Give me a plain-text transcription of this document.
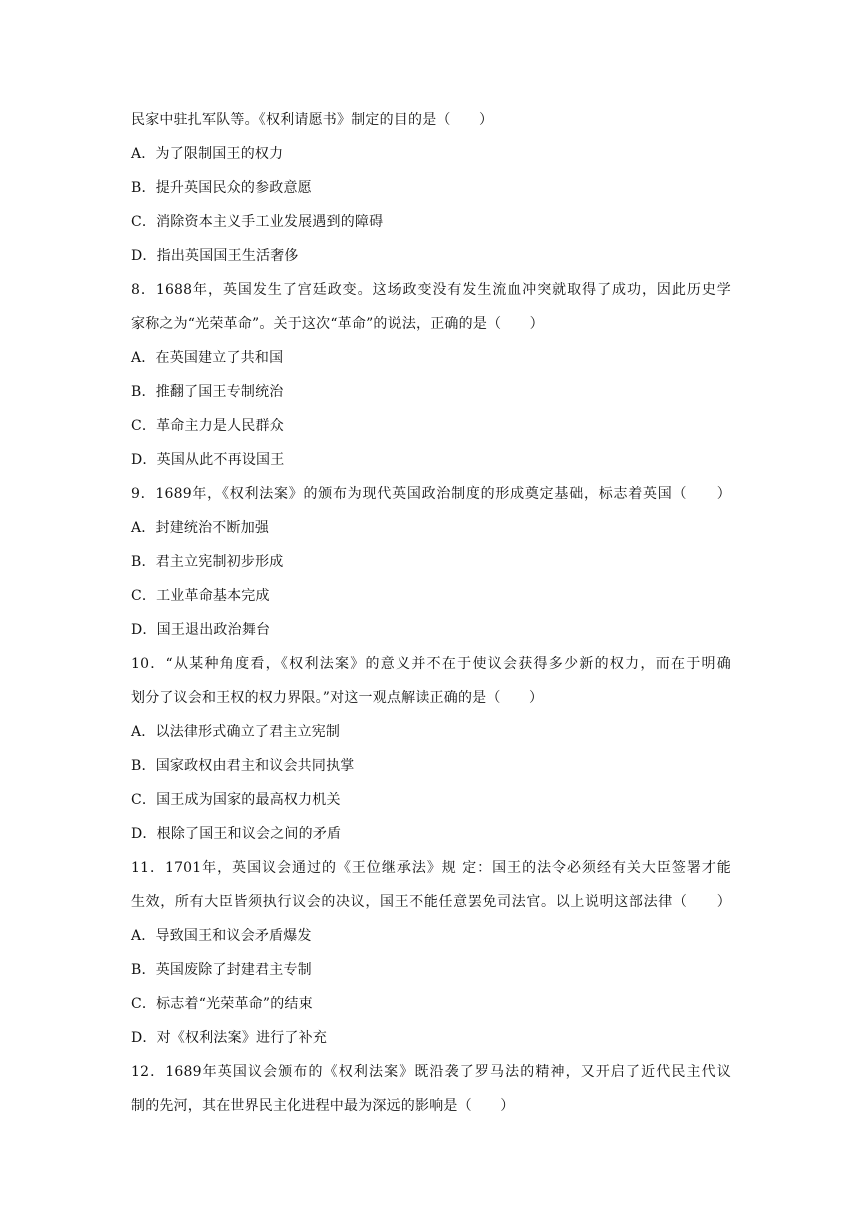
民家中驻扎军队等。《权利请愿书》制定的目的是（　　）
A．为了限制国王的权力
B．提升英国民众的参政意愿
C．消除资本主义手工业发展遇到的障碍
D．指出英国国王生活奢侈
8．1688年，英国发生了宫廷政变。这场政变没有发生流血冲突就取得了成功，因此历史学
家称之为“光荣革命”。关于这次“革命”的说法，正确的是（　　）
A．在英国建立了共和国
B．推翻了国王专制统治
C．革命主力是人民群众
D．英国从此不再设国王
9．1689年，《权利法案》的颁布为现代英国政治制度的形成奠定基础，标志着英国（　　）
A．封建统治不断加强
B．君主立宪制初步形成
C．工业革命基本完成
D．国王退出政治舞台
10．“从某种角度看，《权利法案》的意义并不在于使议会获得多少新的权力，而在于明确
划分了议会和王权的权力界限。”对这一观点解读正确的是（　　）
A．以法律形式确立了君主立宪制
B．国家政权由君主和议会共同执掌
C．国王成为国家的最高权力机关
D．根除了国王和议会之间的矛盾
11．1701年，英国议会通过的《王位继承法》规 定：国王的法令必须经有关大臣签署才能
生效，所有大臣皆须执行议会的决议，国王不能任意罢免司法官。以上说明这部法律（　　）
A．导致国王和议会矛盾爆发
B．英国废除了封建君主专制
C．标志着“光荣革命”的结束
D．对《权利法案》进行了补充
12．1689年英国议会颁布的《权利法案》既沿袭了罗马法的精神，又开启了近代民主代议
制的先河，其在世界民主化进程中最为深远的影响是（　　）
